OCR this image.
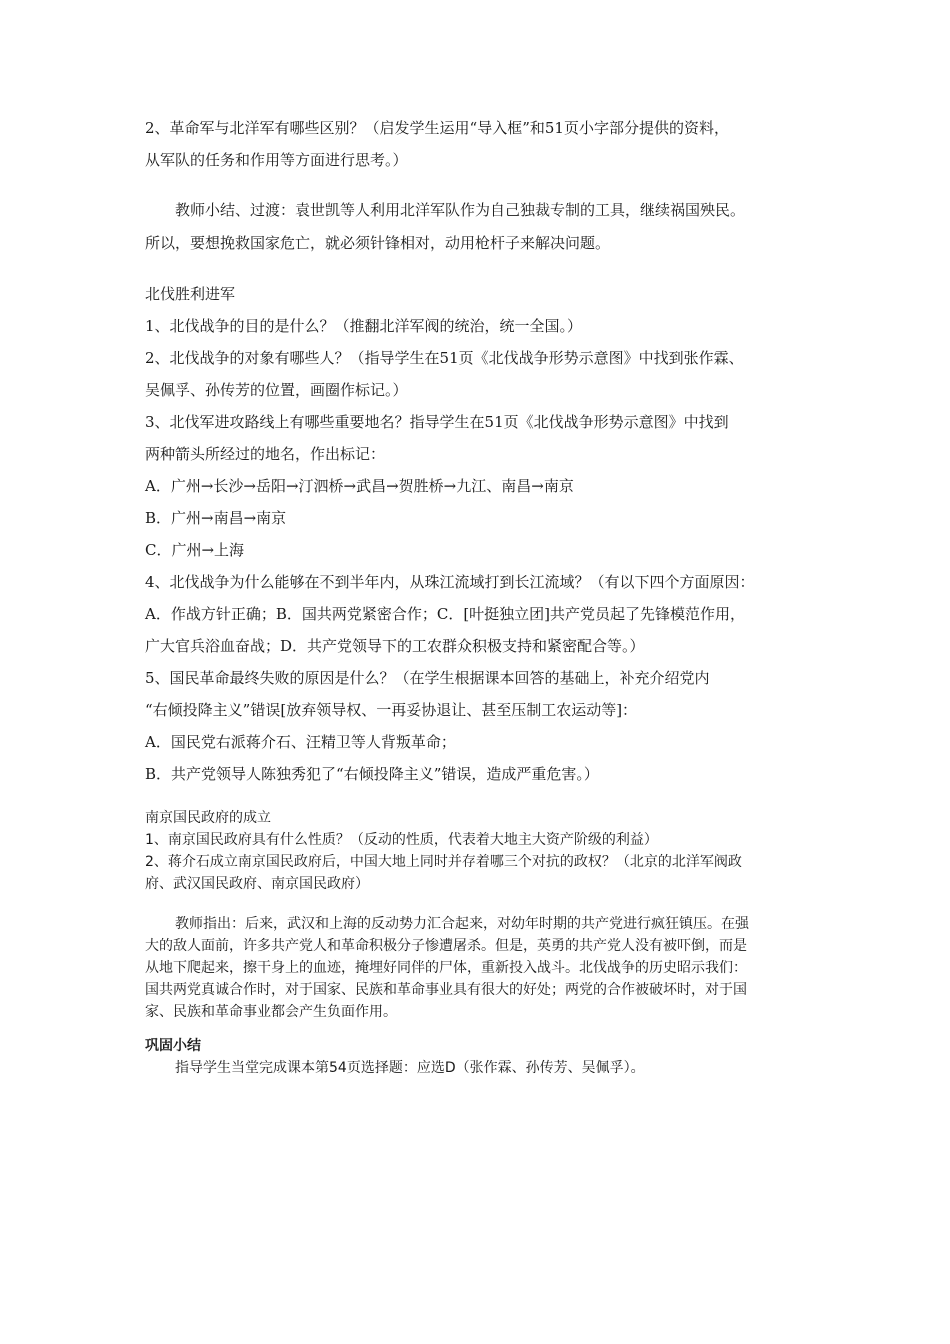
2、革命军与北洋军有哪些区别？（启发学生运用“导入框”和51页小字部分提供的资料，
从军队的任务和作用等方面进行思考。）
教师小结、过渡：袁世凯等人利用北洋军队作为自己独裁专制的工具，继续祸国殃民。
所以，要想挽救国家危亡，就必须针锋相对，动用枪杆子来解决问题。
北伐胜利进军
1、北伐战争的目的是什么？（推翻北洋军阀的统治，统一全国。）
2、北伐战争的对象有哪些人？（指导学生在51页《北伐战争形势示意图》中找到张作霖、
吴佩孚、孙传芳的位置，画圈作标记。）
3、北伐军进攻路线上有哪些重要地名？指导学生在51页《北伐战争形势示意图》中找到
两种箭头所经过的地名，作出标记：
A．广州→长沙→岳阳→汀泗桥→武昌→贺胜桥→九江、南昌→南京
B．广州→南昌→南京
C．广州→上海
4、北伐战争为什么能够在不到半年内，从珠江流域打到长江流域？（有以下四个方面原因：
A．作战方针正确；B．国共两党紧密合作；C．[叶挺独立团]共产党员起了先锋模范作用，
广大官兵浴血奋战；D．共产党领导下的工农群众积极支持和紧密配合等。）
5、国民革命最终失败的原因是什么？（在学生根据课本回答的基础上，补充介绍党内
“右倾投降主义”错误[放弃领导权、一再妥协退让、甚至压制工农运动等]：
A．国民党右派蒋介石、汪精卫等人背叛革命；
B．共产党领导人陈独秀犯了“右倾投降主义”错误，造成严重危害。）
南京国民政府的成立
1、南京国民政府具有什么性质？（反动的性质，代表着大地主大资产阶级的利益）
2、蒋介石成立南京国民政府后，中国大地上同时并存着哪三个对抗的政权？（北京的北洋军阀政
府、武汉国民政府、南京国民政府）
教师指出：后来，武汉和上海的反动势力汇合起来，对幼年时期的共产党进行疯狂镇压。在强
大的敌人面前，许多共产党人和革命积极分子惨遭屠杀。但是，英勇的共产党人没有被吓倒，而是
从地下爬起来，擦干身上的血迹，掩埋好同伴的尸体，重新投入战斗。北伐战争的历史昭示我们：
国共两党真诚合作时，对于国家、民族和革命事业具有很大的好处；两党的合作被破坏时，对于国
家、民族和革命事业都会产生负面作用。
巩固小结
指导学生当堂完成课本第54页选择题：应选D（张作霖、孙传芳、吴佩孚）。
